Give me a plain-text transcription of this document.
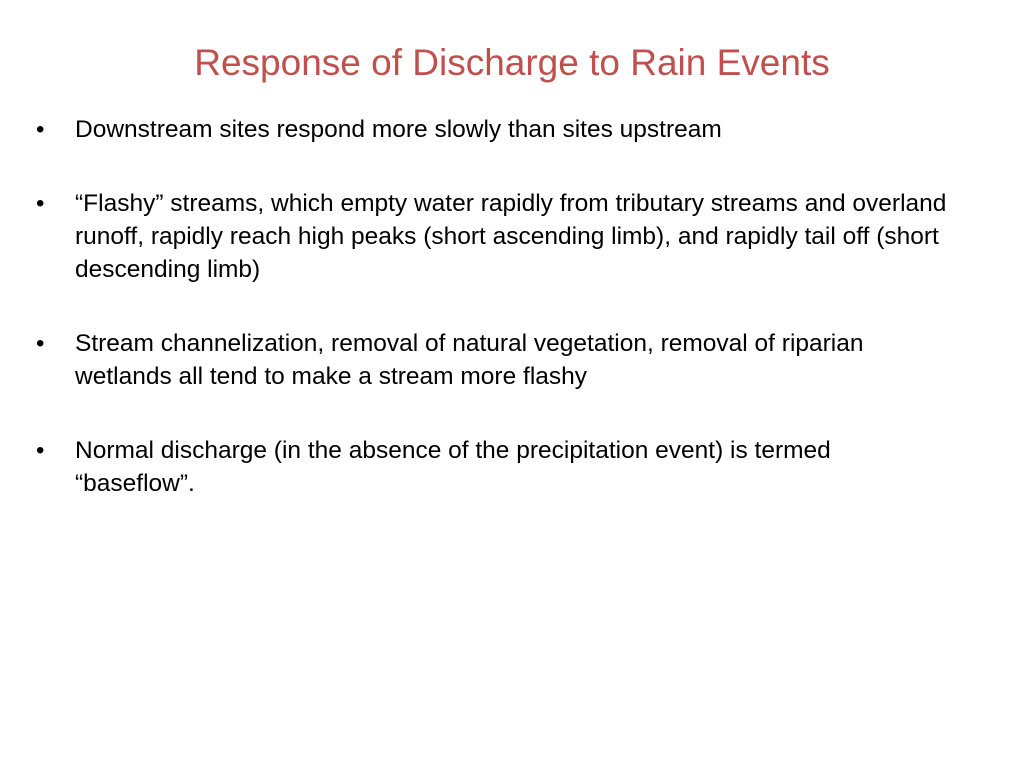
Response of Discharge to Rain Events
• Downstream sites respond more slowly than sites upstream
• “Flashy” streams, which empty water rapidly from tributary streams and overland runoff, rapidly reach high peaks (short ascending limb), and rapidly tail off (short descending limb)
• Stream channelization, removal of natural vegetation, removal of riparian wetlands all tend to make a stream more flashy
• Normal discharge (in the absence of the precipitation event) is termed “baseflow”.
